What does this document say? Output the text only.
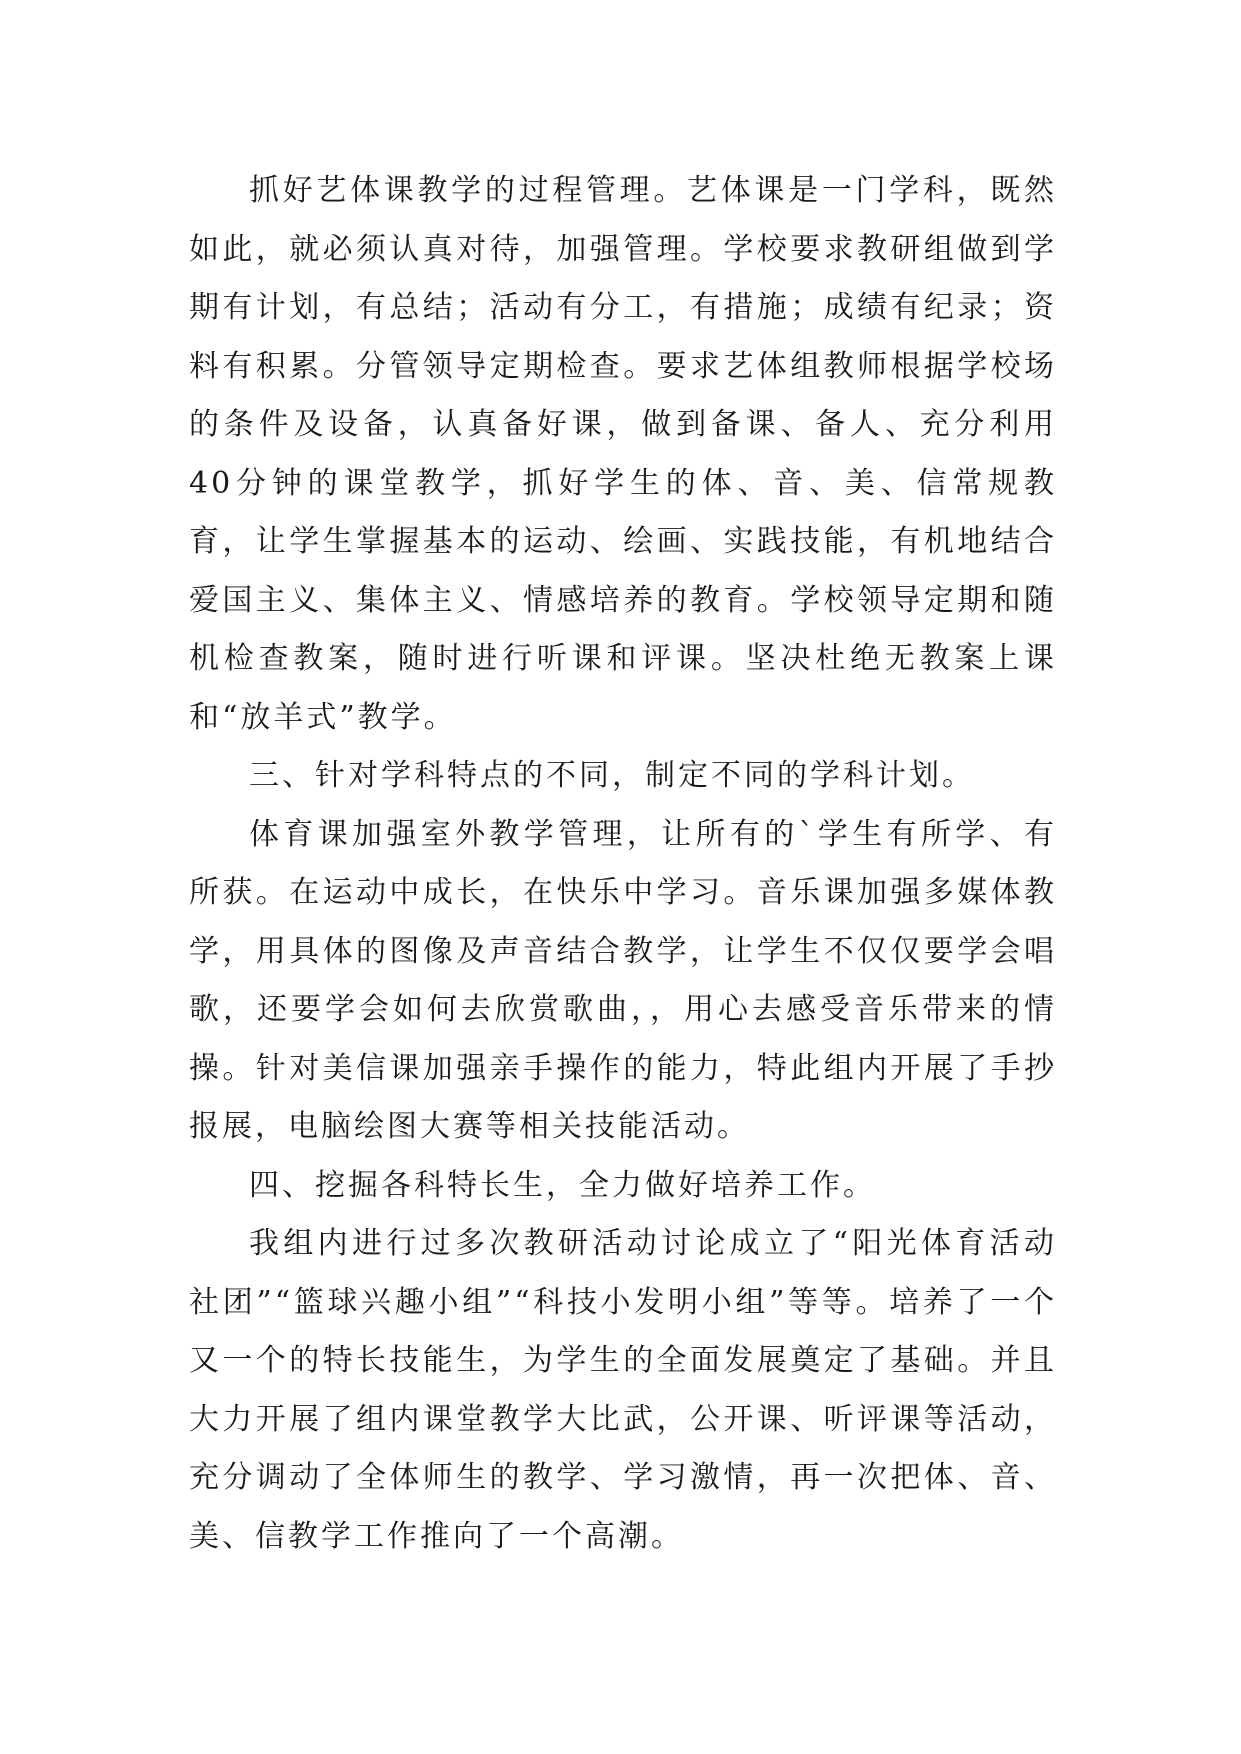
抓好艺体课教学的过程管理。艺体课是一门学科，既然如此，就必须认真对待，加强管理。学校要求教研组做到学期有计划，有总结；活动有分工，有措施；成绩有纪录；资料有积累。分管领导定期检查。要求艺体组教师根据学校场的条件及设备，认真备好课，做到备课、备人、充分利用40分钟的课堂教学，抓好学生的体、音、美、信常规教育，让学生掌握基本的运动、绘画、实践技能，有机地结合爱国主义、集体主义、情感培养的教育。学校领导定期和随机检查教案，随时进行听课和评课。坚决杜绝无教案上课和“放羊式”教学。

三、针对学科特点的不同，制定不同的学科计划。

体育课加强室外教学管理，让所有的`学生有所学、有所获。在运动中成长，在快乐中学习。音乐课加强多媒体教学，用具体的图像及声音结合教学，让学生不仅仅要学会唱歌，还要学会如何去欣赏歌曲，，用心去感受音乐带来的情操。针对美信课加强亲手操作的能力，特此组内开展了手抄报展，电脑绘图大赛等相关技能活动。

四、挖掘各科特长生，全力做好培养工作。

我组内进行过多次教研活动讨论成立了“阳光体育活动社团”“篮球兴趣小组”“科技小发明小组”等等。培养了一个又一个的特长技能生，为学生的全面发展奠定了基础。并且大力开展了组内课堂教学大比武，公开课、听评课等活动，充分调动了全体师生的教学、学习激情，再一次把体、音、美、信教学工作推向了一个高潮。
